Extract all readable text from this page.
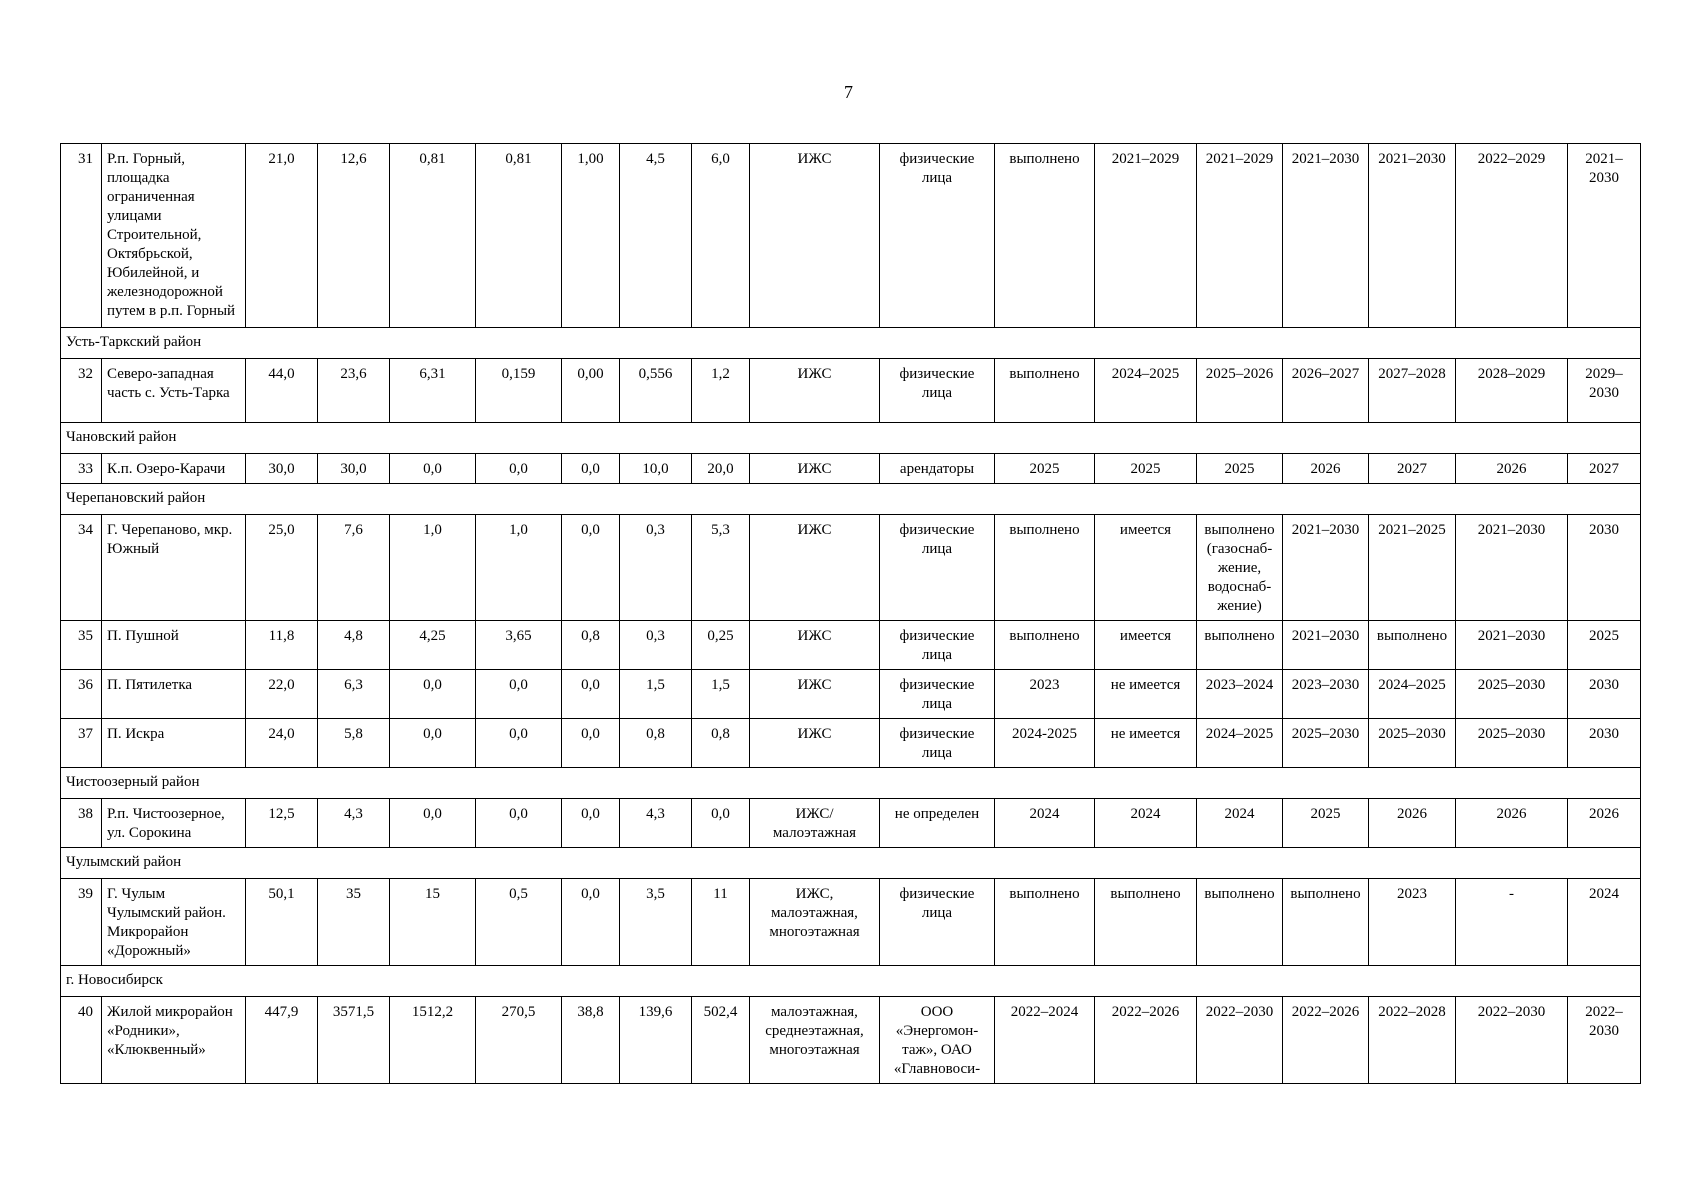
7
31	Р.п. Горный, площадка ограниченная улицами Строительной, Октябрьской, Юбилейной, и железнодорожной путем в р.п. Горный	21,0	12,6	0,81	0,81	1,00	4,5	6,0	ИЖС	физические лица	выполнено	2021–2029	2021–2029	2021–2030	2021–2030	2022–2029	2021–2030
Усть-Таркский район																	
32	Северо-западная часть с. Усть-Тарка	44,0	23,6	6,31	0,159	0,00	0,556	1,2	ИЖС	физические лица	выполнено	2024–2025	2025–2026	2026–2027	2027–2028	2028–2029	2029–2030
Чановский район																	
33	К.п. Озеро-Карачи	30,0	30,0	0,0	0,0	0,0	10,0	20,0	ИЖС	арендаторы	2025	2025	2025	2026	2027	2026	2027
Черепановский район																	
34	Г. Черепаново, мкр. Южный	25,0	7,6	1,0	1,0	0,0	0,3	5,3	ИЖС	физические лица	выполнено	имеется	выполнено (газоснаб-жение, водоснаб-жение)	2021–2030	2021–2025	2021–2030	2030
35	П. Пушной	11,8	4,8	4,25	3,65	0,8	0,3	0,25	ИЖС	физические лица	выполнено	имеется	выполнено	2021–2030	выполнено	2021–2030	2025
36	П. Пятилетка	22,0	6,3	0,0	0,0	0,0	1,5	1,5	ИЖС	физические лица	2023	не имеется	2023–2024	2023–2030	2024–2025	2025–2030	2030
37	П. Искра	24,0	5,8	0,0	0,0	0,0	0,8	0,8	ИЖС	физические лица	2024-2025	не имеется	2024–2025	2025–2030	2025–2030	2025–2030	2030
Чистоозерный район																	
38	Р.п. Чистоозерное, ул. Сорокина	12,5	4,3	0,0	0,0	0,0	4,3	0,0	ИЖС/ малоэтажная	не определен	2024	2024	2024	2025	2026	2026	2026
Чулымский район																	
39	Г. Чулым Чулымский район. Микрорайон «Дорожный»	50,1	35	15	0,5	0,0	3,5	11	ИЖС, малоэтажная, многоэтажная	физические лица	выполнено	выполнено	выполнено	выполнено	2023	-	2024
г. Новосибирск																	
40	Жилой микрорайон «Родники», «Клюквенный»	447,9	3571,5	1512,2	270,5	38,8	139,6	502,4	малоэтажная, среднеэтажная, многоэтажная	ООО «Энергомон-таж», ОАО «Главновоси-	2022–2024	2022–2026	2022–2030	2022–2026	2022–2028	2022–2030	2022–2030
